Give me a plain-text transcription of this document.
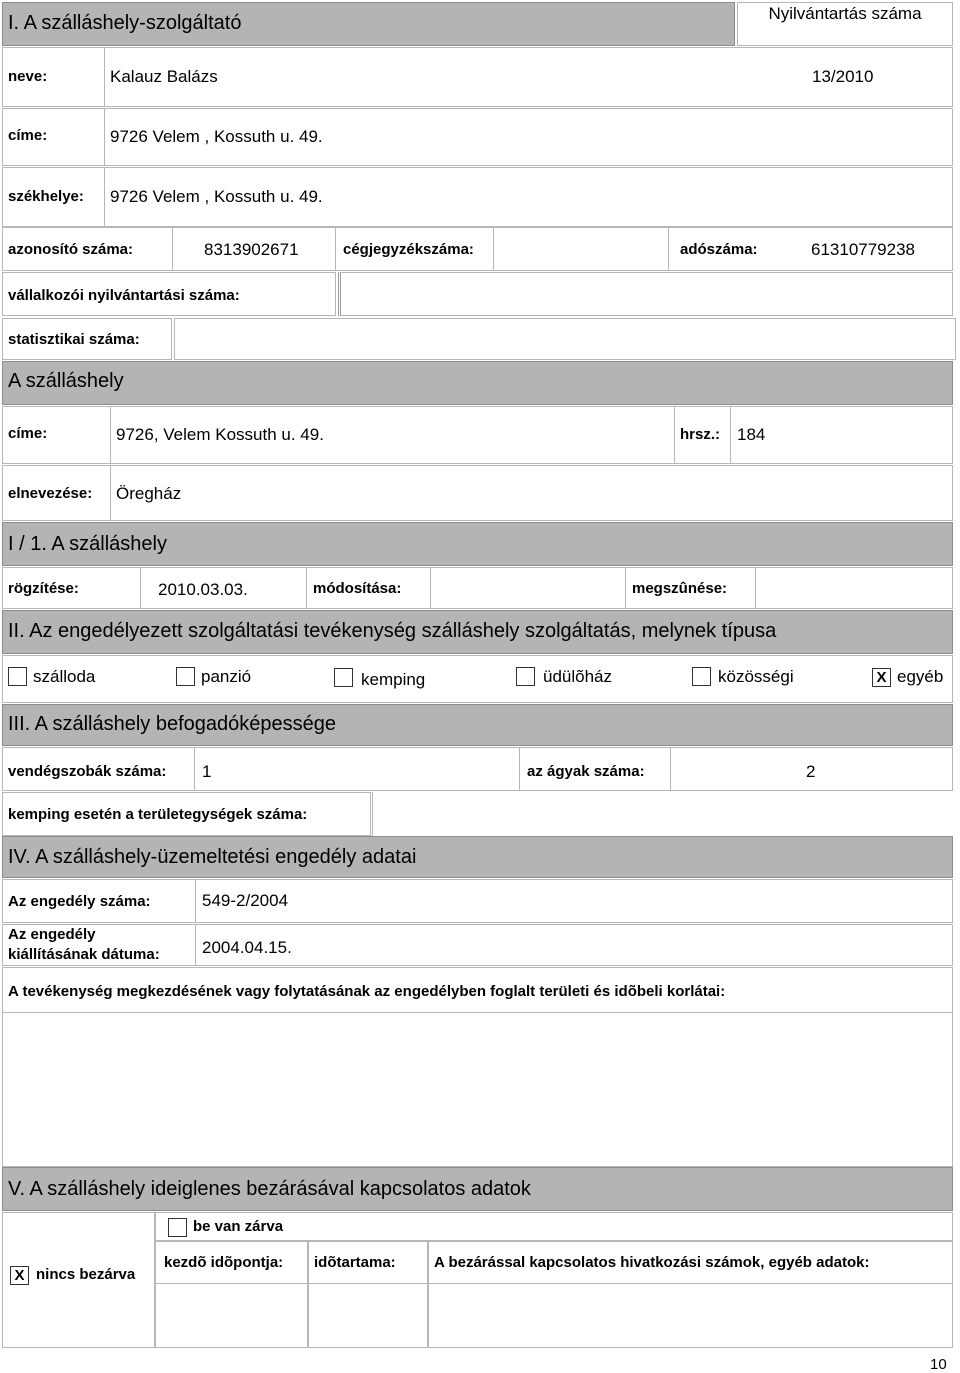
I. A szálláshely-szolgáltató	Nyilvántartás száma
neve:	Kalauz Balázs	13/2010
címe:	9726 Velem , Kossuth u. 49.
székhelye: 9726 Velem , Kossuth u. 49.
azonosító száma:	8313902671	cégjegyzékszáma:	adószáma:	61310779238
vállalkozói nyilvántartási száma:
statisztikai száma:
A szálláshely
címe:	9726, Velem Kossuth u. 49.	hrsz.: 184
elnevezése: Öregház
I / 1. A szálláshely
rögzítése:	2010.03.03.	módosítása:	megszûnése:
II. Az engedélyezett szolgáltatási tevékenység szálláshely szolgáltatás, melynek típusa
szálloda	panzió	kemping	üdülõház	közösségi	X egyéb
III. A szálláshely befogadóképessége
vendégszobák száma: 1	az ágyak száma:	2
kemping esetén a területegységek száma:
IV. A szálláshely-üzemeltetési engedély adatai
Az engedély száma:	549-2/2004
Az engedély
kiállításának dátuma: 2004.04.15.
A tevékenység megkezdésének vagy folytatásának az engedélyben foglalt területi és idõbeli korlátai:
V. A szálláshely ideiglenes bezárásával kapcsolatos adatok
be van zárva
X nincs bezárva
kezdõ idõpontja: idõtartama:	A bezárással kapcsolatos hivatkozási számok, egyéb adatok:
10
